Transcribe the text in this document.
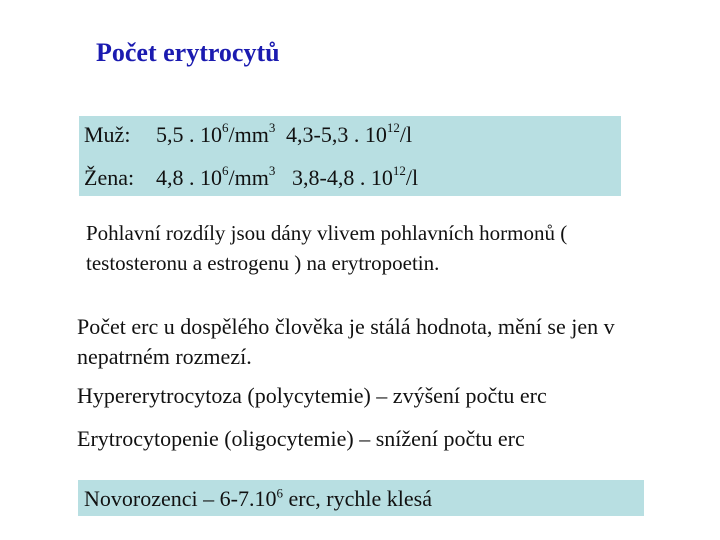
Počet erytrocytů
Muž: 5,5 . $10^6/mm^3$ 4,3-5,3 . $10^{12}/l$
Žena: 4,8 . $10^6/mm^3$ 3,8-4,8 . $10^{12}/l$
Pohlavní rozdíly jsou dány vlivem pohlavních hormonů ( testosteronu a estrogenu ) na erytropoetin.
Počet erc u dospělého člověka je stálá hodnota, mění se jen v nepatrném rozmezí.
Hypererytrocytoza (polycytemie) – zvýšení počtu erc
Erytrocytopenie (oligocytemie) – snížení počtu erc
Novorozenci – 6-7.10$^6$ erc, rychle klesá
